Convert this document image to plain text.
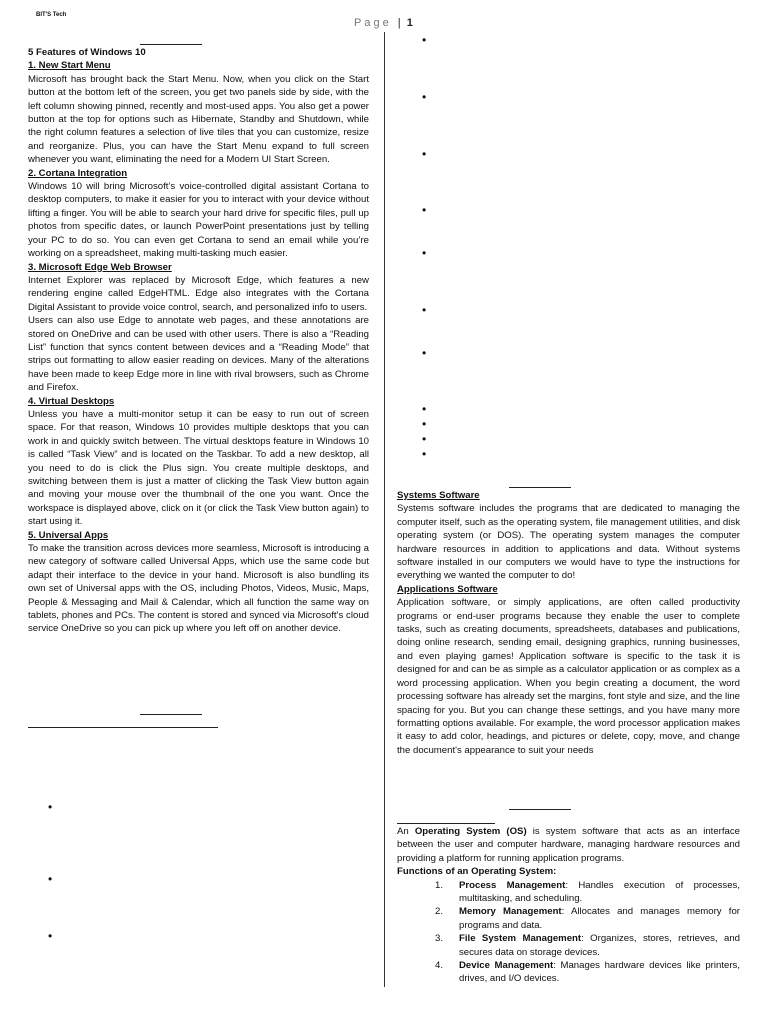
BIT'S Tech
Page | 1

5 Features of Windows 10

1. New Start Menu

Microsoft has brought back the Start Menu. Now, when you click on the Start button at the bottom left of the screen, you get two panels side by side, with the left column showing pinned, recently and most-used apps. You also get a power button at the top for options such as Hibernate, Standby and Shutdown, while the right column features a selection of live tiles that you can customize, resize and reorganize. Plus, you can have the Start Menu expand to full screen whenever you want, eliminating the need for a Modern UI Start Screen.

2. Cortana Integration

Windows 10 will bring Microsoft’s voice-controlled digital assistant Cortana to desktop computers, to make it easier for you to interact with your device without lifting a finger. You will be able to search your hard drive for specific files, pull up photos from specific dates, or launch PowerPoint presentations just by telling your PC to do so. You can even get Cortana to send an email while you’re working on a spreadsheet, making multi-tasking much easier.

3. Microsoft Edge Web Browser

Internet Explorer was replaced by Microsoft Edge, which features a new rendering engine called EdgeHTML. Edge also integrates with the Cortana Digital Assistant to provide voice control, search, and personalized info to users.

Users can also use Edge to annotate web pages, and these annotations are stored on OneDrive and can be used with other users. There is also a “Reading List” function that syncs content between devices and a “Reading Mode” that strips out formatting to allow easier reading on devices. Many of the alterations have been made to keep Edge more in line with rival browsers, such as Chrome and Firefox.

4. Virtual Desktops

Unless you have a multi-monitor setup it can be easy to run out of screen space. For that reason, Windows 10 provides multiple desktops that you can work in and quickly switch between. The virtual desktops feature in Windows 10 is called “Task View” and is located on the Taskbar. To add a new desktop, all you need to do is click the Plus sign. You create multiple desktops, and switching between them is just a matter of clicking the Task View button again and moving your mouse over the thumbnail of the one you want. Once the workspace is displayed above, click on it (or click the Task View button again) to start using it.

5. Universal Apps

To make the transition across devices more seamless, Microsoft is introducing a new category of software called Universal Apps, which use the same code but adapt their interface to the device in your hand. Microsoft is also bundling its own set of Universal apps with the OS, including Photos, Videos, Music, Maps, People & Messaging and Mail & Calendar, which all function the same way on tablets, phones and PCs. The content is stored and synced via Microsoft’s cloud service OneDrive so you can pick up where you left off on another device.

•
•
•
•
•
•
•
•
•
•
•
•
•
•

Systems Software

Systems software includes the programs that are dedicated to managing the computer itself, such as the operating system, file management utilities, and disk operating system (or DOS). The operating system manages the computer hardware resources in addition to applications and data. Without systems software installed in our computers we would have to type the instructions for everything we wanted the computer to do!

Applications Software

Application software, or simply applications, are often called productivity programs or end-user programs because they enable the user to complete tasks, such as creating documents, spreadsheets, databases and publications, doing online research, sending email, designing graphics, running businesses, and even playing games! Application software is specific to the task it is designed for and can be as simple as a calculator application or as complex as a word processing application. When you begin creating a document, the word processing software has already set the margins, font style and size, and the line spacing for you. But you can change these settings, and you have many more formatting options available. For example, the word processor application makes it easy to add color, headings, and pictures or delete, copy, move, and change the document's appearance to suit your needs

An Operating System (OS) is system software that acts as an interface between the user and computer hardware, managing hardware resources and providing a platform for running application programs.

Functions of an Operating System:

1.	Process Management: Handles execution of processes, multitasking, and scheduling.
2.	Memory Management: Allocates and manages memory for programs and data.
3.	File System Management: Organizes, stores, retrieves, and secures data on storage devices.
4.	Device Management: Manages hardware devices like printers, drives, and I/O devices.
